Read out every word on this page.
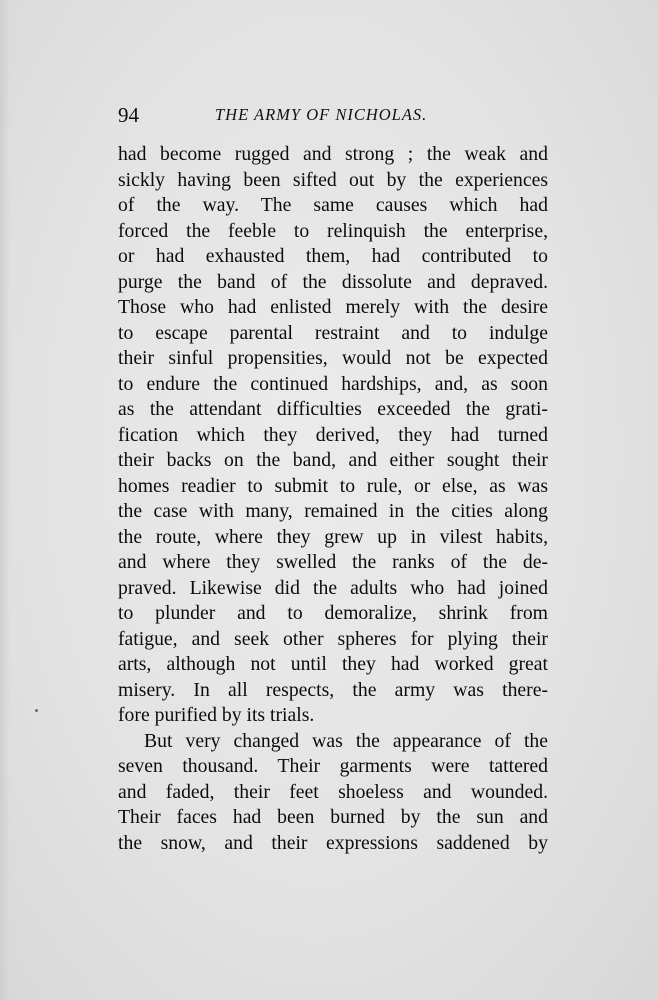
94	THE ARMY OF NICHOLAS.
had become rugged and strong ; the weak and
sickly having been sifted out by the experiences
of the way. The same causes which had
forced the feeble to relinquish the enterprise,
or had exhausted them, had contributed to
purge the band of the dissolute and depraved.
Those who had enlisted merely with the desire
to escape parental restraint and to indulge
their sinful propensities, would not be expected
to endure the continued hardships, and, as soon
as the attendant difficulties exceeded the grati-
fication which they derived, they had turned
their backs on the band, and either sought their
homes readier to submit to rule, or else, as was
the case with many, remained in the cities along
the route, where they grew up in vilest habits,
and where they swelled the ranks of the de-
praved. Likewise did the adults who had joined
to plunder and to demoralize, shrink from
fatigue, and seek other spheres for plying their
arts, although not until they had worked great
misery. In all respects, the army was there-
fore purified by its trials.
But very changed was the appearance of the
seven thousand. Their garments were tattered
and faded, their feet shoeless and wounded.
Their faces had been burned by the sun and
the snow, and their expressions saddened by
